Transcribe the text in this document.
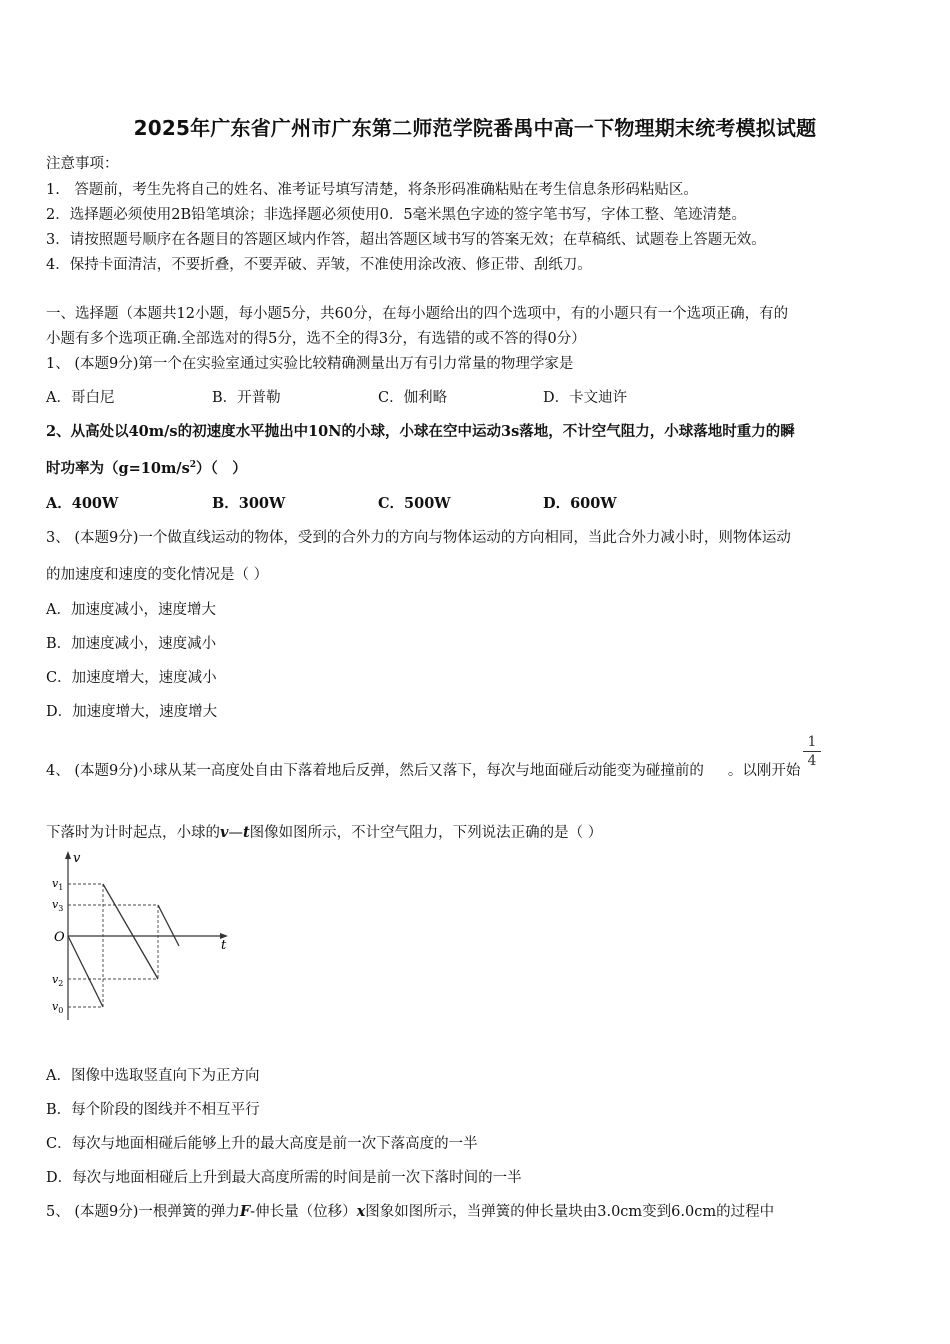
2025年广东省广州市广东第二师范学院番禺中高一下物理期末统考模拟试题
注意事项：
1.　答题前，考生先将自己的姓名、准考证号填写清楚，将条形码准确粘贴在考生信息条形码粘贴区。
2．选择题必须使用2B铅笔填涂；非选择题必须使用0．5毫米黑色字迹的签字笔书写，字体工整、笔迹清楚。
3．请按照题号顺序在各题目的答题区域内作答，超出答题区域书写的答案无效；在草稿纸、试题卷上答题无效。
4．保持卡面清洁，不要折叠，不要弄破、弄皱，不准使用涂改液、修正带、刮纸刀。
一、选择题（本题共12小题，每小题5分，共60分，在每小题给出的四个选项中，有的小题只有一个选项正确，有的
小题有多个选项正确.全部选对的得5分，选不全的得3分，有选错的或不答的得0分）
1、 (本题9分)第一个在实验室通过实验比较精确测量出万有引力常量的物理学家是
A．哥白尼	B．开普勒	C．伽利略	D．卡文迪许
2、从高处以40m/s的初速度水平抛出中10N的小球，小球在空中运动3s落地，不计空气阻力，小球落地时重力的瞬
时功率为$(g=10m/s^2)$（　）
A．400W	B．300W	C．500W	D．600W
3、 (本题9分)一个做直线运动的物体，受到的合外力的方向与物体运动的方向相同，当此合外力减小时，则物体运动
的加速度和速度的变化情况是（ ）
A．加速度减小，速度增大
B．加速度减小，速度减小
C．加速度增大，速度减小
D．加速度增大，速度增大
4、 (本题9分)小球从某一高度处自由下落着地后反弹，然后又落下，每次与地面碰后动能变为碰撞前的 。以刚开始
1
4
下落时为计时起点，小球的v—t图像如图所示，不计空气阻力，下列说法正确的是（ ）
v
t
O
$v_1$
$v_3$
$v_2$
$v_0$
A．图像中选取竖直向下为正方向
B．每个阶段的图线并不相互平行
C．每次与地面相碰后能够上升的最大高度是前一次下落高度的一半
D．每次与地面相碰后上升到最大高度所需的时间是前一次下落时间的一半
5、 (本题9分)一根弹簧的弹力F-伸长量（位移）x图象如图所示，当弹簧的伸长量块由3.0cm变到6.0cm的过程中
